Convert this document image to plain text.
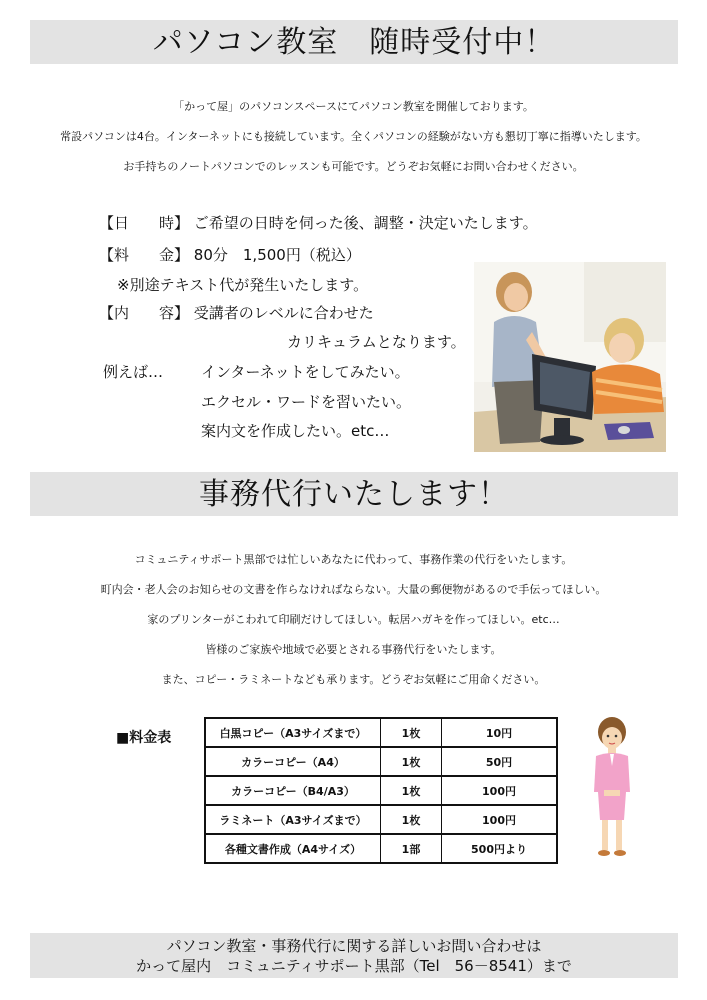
パソコン教室　随時受付中！
「かって屋」のパソコンスペースにてパソコン教室を開催しております。
常設パソコンは4台。インターネットにも接続しています。全くパソコンの経験がない方も懇切丁寧に指導いたします。
お手持ちのノートパソコンでのレッスンも可能です。どうぞお気軽にお問い合わせください。
【日　　時】 ご希望の日時を伺った後、調整・決定いたします。
【料　　金】 80分　1,500円（税込）
※別途テキスト代が発生いたします。
【内　　容】 受講者のレベルに合わせた
カリキュラムとなります。
例えば…	インターネットをしてみたい。
エクセル・ワードを習いたい。
案内文を作成したい。etc…
事務代行いたします！
コミュニティサポート黒部では忙しいあなたに代わって、事務作業の代行をいたします。
町内会・老人会のお知らせの文書を作らなければならない。大量の郵便物があるので手伝ってほしい。
家のプリンターがこわれて印刷だけしてほしい。転居ハガキを作ってほしい。etc…
皆様のご家族や地域で必要とされる事務代行をいたします。
また、コピー・ラミネートなども承ります。どうぞお気軽にご用命ください。
■料金表	白黒コピー（A3サイズまで）	1枚	10円
カラーコピー（A4）	1枚	50円
カラーコピー（B4/A3）	1枚	100円
ラミネート（A3サイズまで）	1枚	100円
各種文書作成（A4サイズ）	1部	500円より
パソコン教室・事務代行に関する詳しいお問い合わせは
かって屋内　コミュニティサポート黒部（Tel　56－8541）まで
